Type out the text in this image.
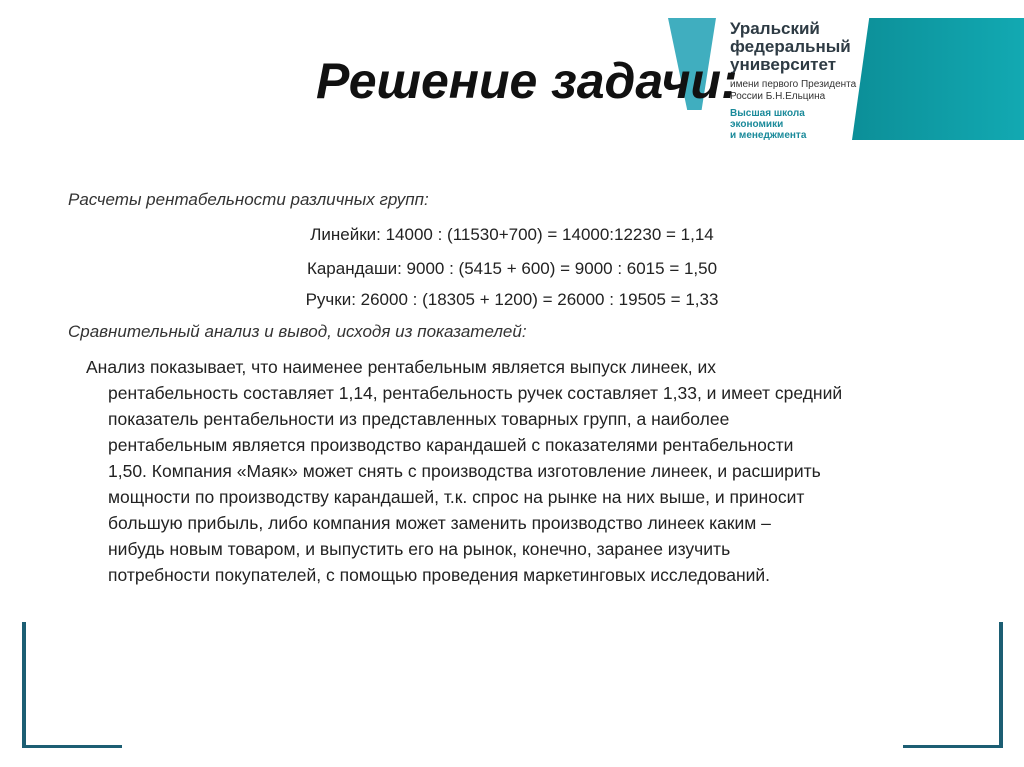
Уральский
федеральный
университет
имени первого Президента
России Б.Н.Ельцина
Высшая школа
экономики
и менеджмента
Решение задачи:
Расчеты рентабельности различных групп:
Линейки: 14000 : (11530+700) = 14000:12230 = 1,14
Карандаши: 9000 : (5415 + 600) = 9000 : 6015 = 1,50
Ручки: 26000 : (18305 + 1200) = 26000 : 19505 = 1,33
Сравнительный анализ и вывод, исходя из показателей:
Анализ показывает, что наименее рентабельным является выпуск линеек, их
рентабельность составляет 1,14, рентабельность ручек составляет 1,33, и имеет средний
показатель рентабельности из представленных товарных групп, а наиболее
рентабельным является производство карандашей с показателями рентабельности
1,50. Компания «Маяк» может снять с производства изготовление линеек, и расширить
мощности по производству карандашей, т.к. спрос на рынке на них выше, и приносит
большую прибыль, либо компания может заменить производство линеек каким –
нибудь новым товаром, и выпустить его на рынок, конечно, заранее изучить
потребности покупателей, с помощью проведения маркетинговых исследований.
